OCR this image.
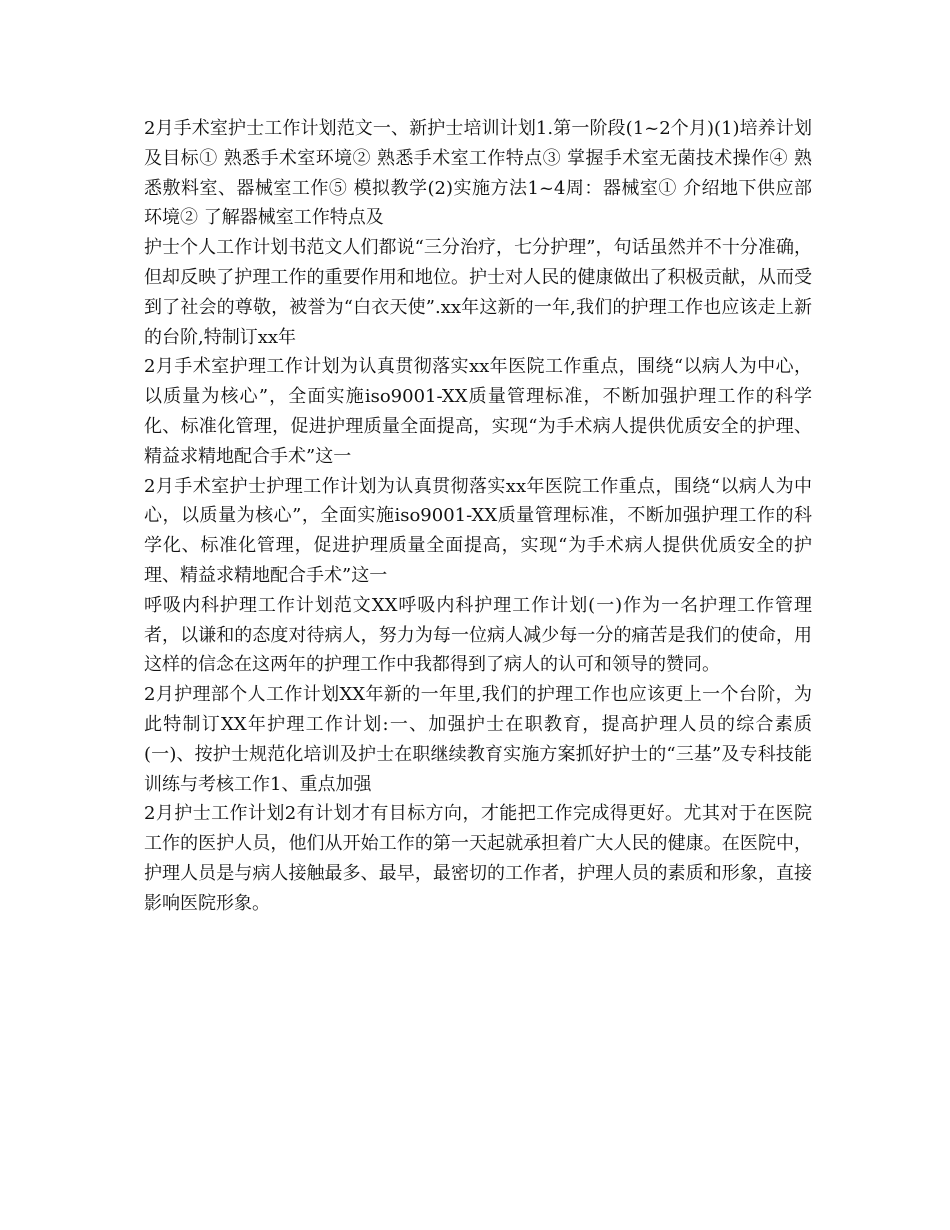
2月手术室护士工作计划范文一、新护士培训计划1.第一阶段(1~2个月)(1)培养计划及目标① 熟悉手术室环境② 熟悉手术室工作特点③ 掌握手术室无菌技术操作④ 熟悉敷料室、器械室工作⑤ 模拟教学(2)实施方法1~4周：器械室① 介绍地下供应部环境② 了解器械室工作特点及

护士个人工作计划书范文人们都说“三分治疗，七分护理”，句话虽然并不十分准确，但却反映了护理工作的重要作用和地位。护士对人民的健康做出了积极贡献，从而受到了社会的尊敬，被誉为“白衣天使”.xx年这新的一年,我们的护理工作也应该走上新的台阶,特制订xx年

2月手术室护理工作计划为认真贯彻落实xx年医院工作重点，围绕“以病人为中心，以质量为核心”，全面实施iso9001-XX质量管理标准，不断加强护理工作的科学化、标准化管理，促进护理质量全面提高，实现“为手术病人提供优质安全的护理、精益求精地配合手术”这一

2月手术室护士护理工作计划为认真贯彻落实xx年医院工作重点，围绕“以病人为中心，以质量为核心”，全面实施iso9001-XX质量管理标准，不断加强护理工作的科学化、标准化管理，促进护理质量全面提高，实现“为手术病人提供优质安全的护理、精益求精地配合手术”这一

呼吸内科护理工作计划范文XX呼吸内科护理工作计划(一)作为一名护理工作管理者，以谦和的态度对待病人，努力为每一位病人减少每一分的痛苦是我们的使命，用这样的信念在这两年的护理工作中我都得到了病人的认可和领导的赞同。

2月护理部个人工作计划XX年新的一年里,我们的护理工作也应该更上一个台阶，为此特制订XX年护理工作计划:一、加强护士在职教育，提高护理人员的综合素质(一)、按护士规范化培训及护士在职继续教育实施方案抓好护士的“三基”及专科技能训练与考核工作1、重点加强

2月护士工作计划2有计划才有目标方向，才能把工作完成得更好。尤其对于在医院工作的医护人员，他们从开始工作的第一天起就承担着广大人民的健康。在医院中，护理人员是与病人接触最多、最早，最密切的工作者，护理人员的素质和形象，直接影响医院形象。
